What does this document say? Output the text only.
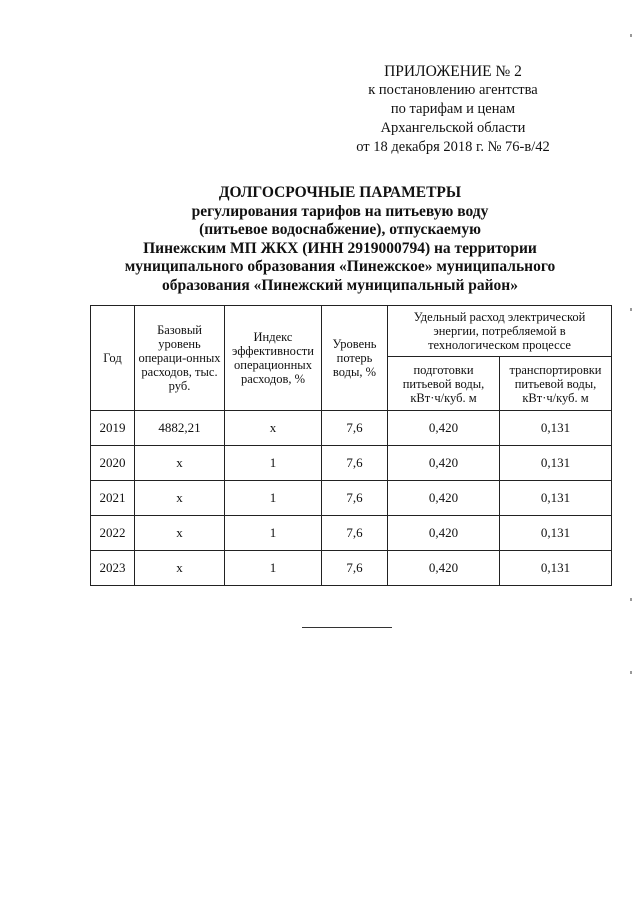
ПРИЛОЖЕНИЕ № 2
к постановлению агентства
по тарифам и ценам
Архангельской области
от 18 декабря 2018 г. № 76-в/42
ДОЛГОСРОЧНЫЕ ПАРАМЕТРЫ
регулирования тарифов на питьевую воду
(питьевое водоснабжение), отпускаемую
Пинежским МП ЖКХ (ИНН 2919000794) на территории
муниципального образования «Пинежское» муниципального
образования «Пинежский муниципальный район»
Год	Базовый уровень операци-онных расходов, тыс. руб.	Индекс эффективности операционных расходов, %	Уровень потерь воды, %	Удельный расход электрической энергии, потребляемой в технологическом процессе	
				подготовки питьевой воды, кВт·ч/куб. м	транспортировки питьевой воды, кВт·ч/куб. м
2019	4882,21	x	7,6	0,420	0,131
2020	x	1	7,6	0,420	0,131
2021	x	1	7,6	0,420	0,131
2022	x	1	7,6	0,420	0,131
2023	x	1	7,6	0,420	0,131
